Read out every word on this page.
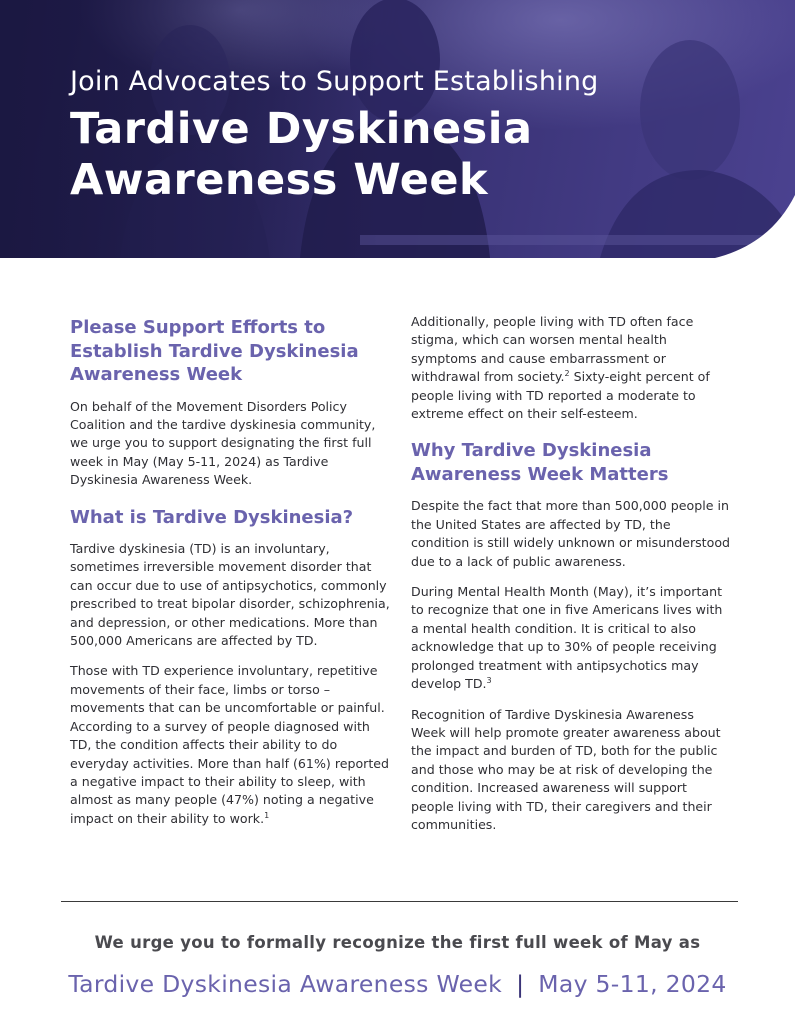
Join Advocates to Support Establishing
Tardive Dyskinesia
Awareness Week
Please Support Efforts to Establish Tardive Dyskinesia Awareness Week

On behalf of the Movement Disorders Policy Coalition and the tardive dyskinesia community, we urge you to support designating the first full week in May (May 5-11, 2024) as Tardive Dyskinesia Awareness Week.

What is Tardive Dyskinesia?

Tardive dyskinesia (TD) is an involuntary, sometimes irreversible movement disorder that can occur due to use of antipsychotics, commonly prescribed to treat bipolar disorder, schizophrenia, and depression, or other medications. More than 500,000 Americans are affected by TD.

Those with TD experience involuntary, repetitive movements of their face, limbs or torso – movements that can be uncomfortable or painful. According to a survey of people diagnosed with TD, the condition affects their ability to do everyday activities. More than half (61%) reported a negative impact to their ability to sleep, with almost as many people (47%) noting a negative impact on their ability to work.$^1$

Additionally, people living with TD often face stigma, which can worsen mental health symptoms and cause embarrassment or withdrawal from society.$^2$ Sixty-eight percent of people living with TD reported a moderate to extreme effect on their self-esteem.

Why Tardive Dyskinesia Awareness Week Matters

Despite the fact that more than 500,000 people in the United States are affected by TD, the condition is still widely unknown or misunderstood due to a lack of public awareness.

During Mental Health Month (May), it’s important to recognize that one in five Americans lives with a mental health condition. It is critical to also acknowledge that up to 30% of people receiving prolonged treatment with antipsychotics may develop TD.$^3$

Recognition of Tardive Dyskinesia Awareness Week will help promote greater awareness about the impact and burden of TD, both for the public and those who may be at risk of developing the condition. Increased awareness will support people living with TD, their caregivers and their communities.

We urge you to formally recognize the first full week of May as
Tardive Dyskinesia Awareness Week | May 5-11, 2024
